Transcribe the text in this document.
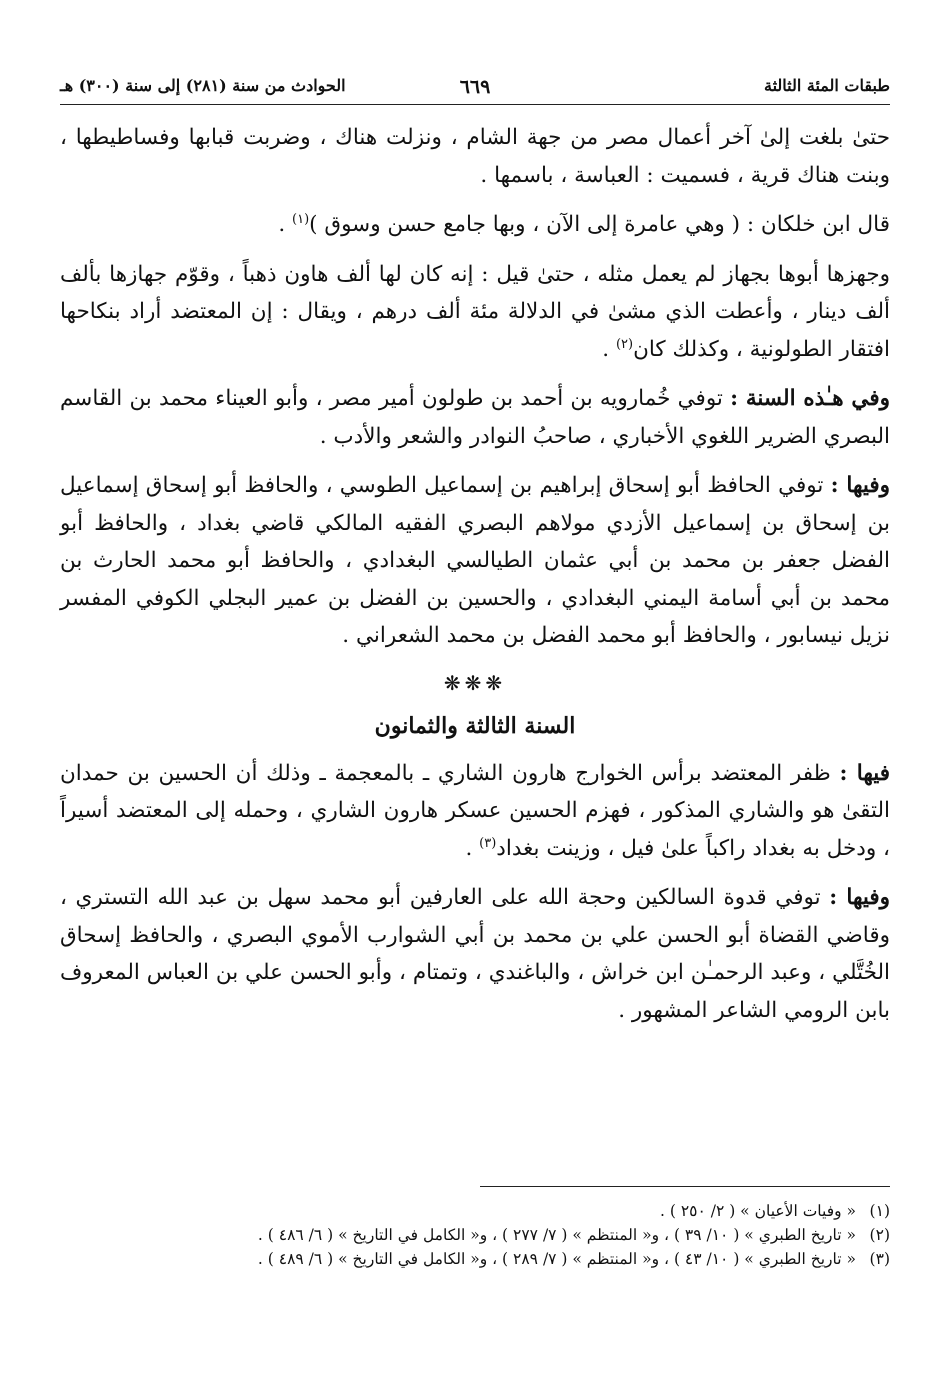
طبقات المئة الثالثة
٦٦٩
الحوادث من سنة (٢٨١) إلى سنة (٣٠٠) هـ

حتىٰ بلغت إلىٰ آخر أعمال مصر من جهة الشام ، ونزلت هناك ، وضربت قبابها وفساطيطها ، وبنت هناك قرية ، فسميت : العباسة ، باسمها .

قال ابن خلكان : ( وهي عامرة إلى الآن ، وبها جامع حسن وسوق )$^{(١)}$ .

وجهزها أبوها بجهاز لم يعمل مثله ، حتىٰ قيل : إنه كان لها ألف هاون ذهباً ، وقوّم جهازها بألف ألف دينار ، وأعطت الذي مشىٰ في الدلالة مئة ألف درهم ، ويقال : إن المعتضد أراد بنكاحها افتقار الطولونية ، وكذلك كان$^{(٢)}$ .

وفي هـٰذه السنة : توفي خُمارويه بن أحمد بن طولون أمير مصر ، وأبو العيناء محمد بن القاسم البصري الضرير اللغوي الأخباري ، صاحبُ النوادر والشعر والأدب .

وفيها : توفي الحافظ أبو إسحاق إبراهيم بن إسماعيل الطوسي ، والحافظ أبو إسحاق إسماعيل بن إسحاق بن إسماعيل الأزدي مولاهم البصري الفقيه المالكي قاضي بغداد ، والحافظ أبو الفضل جعفر بن محمد بن أبي عثمان الطيالسي البغدادي ، والحافظ أبو محمد الحارث بن محمد بن أبي أسامة اليمني البغدادي ، والحسين بن الفضل بن عمير البجلي الكوفي المفسر نزيل نيسابور ، والحافظ أبو محمد الفضل بن محمد الشعراني .

❋❋❋
السنة الثالثة والثمانون

فيها : ظفر المعتضد برأس الخوارج هارون الشاري ـ بالمعجمة ـ وذلك أن الحسين بن حمدان التقىٰ هو والشاري المذكور ، فهزم الحسين عسكر هارون الشاري ، وحمله إلى المعتضد أسيراً ، ودخل به بغداد راكباً علىٰ فيل ، وزينت بغداد$^{(٣)}$ .

وفيها : توفي قدوة السالكين وحجة الله على العارفين أبو محمد سهل بن عبد الله التستري ، وقاضي القضاة أبو الحسن علي بن محمد بن أبي الشوارب الأموي البصري ، والحافظ إسحاق الخُتَّلي ، وعبد الرحمـٰن ابن خراش ، والباغندي ، وتمتام ، وأبو الحسن علي بن العباس المعروف بابن الرومي الشاعر المشهور .

(١)« وفيات الأعيان » ( ٢/ ٢٥٠ ) .

(٢)« تاريخ الطبري » ( ١٠/ ٣٩ ) ، و« المنتظم » ( ٧/ ٢٧٧ ) ، و« الكامل في التاريخ » ( ٦/ ٤٨٦ ) .

(٣)« تاريخ الطبري » ( ١٠/ ٤٣ ) ، و« المنتظم » ( ٧/ ٢٨٩ ) ، و« الكامل في التاريخ » ( ٦/ ٤٨٩ ) .
